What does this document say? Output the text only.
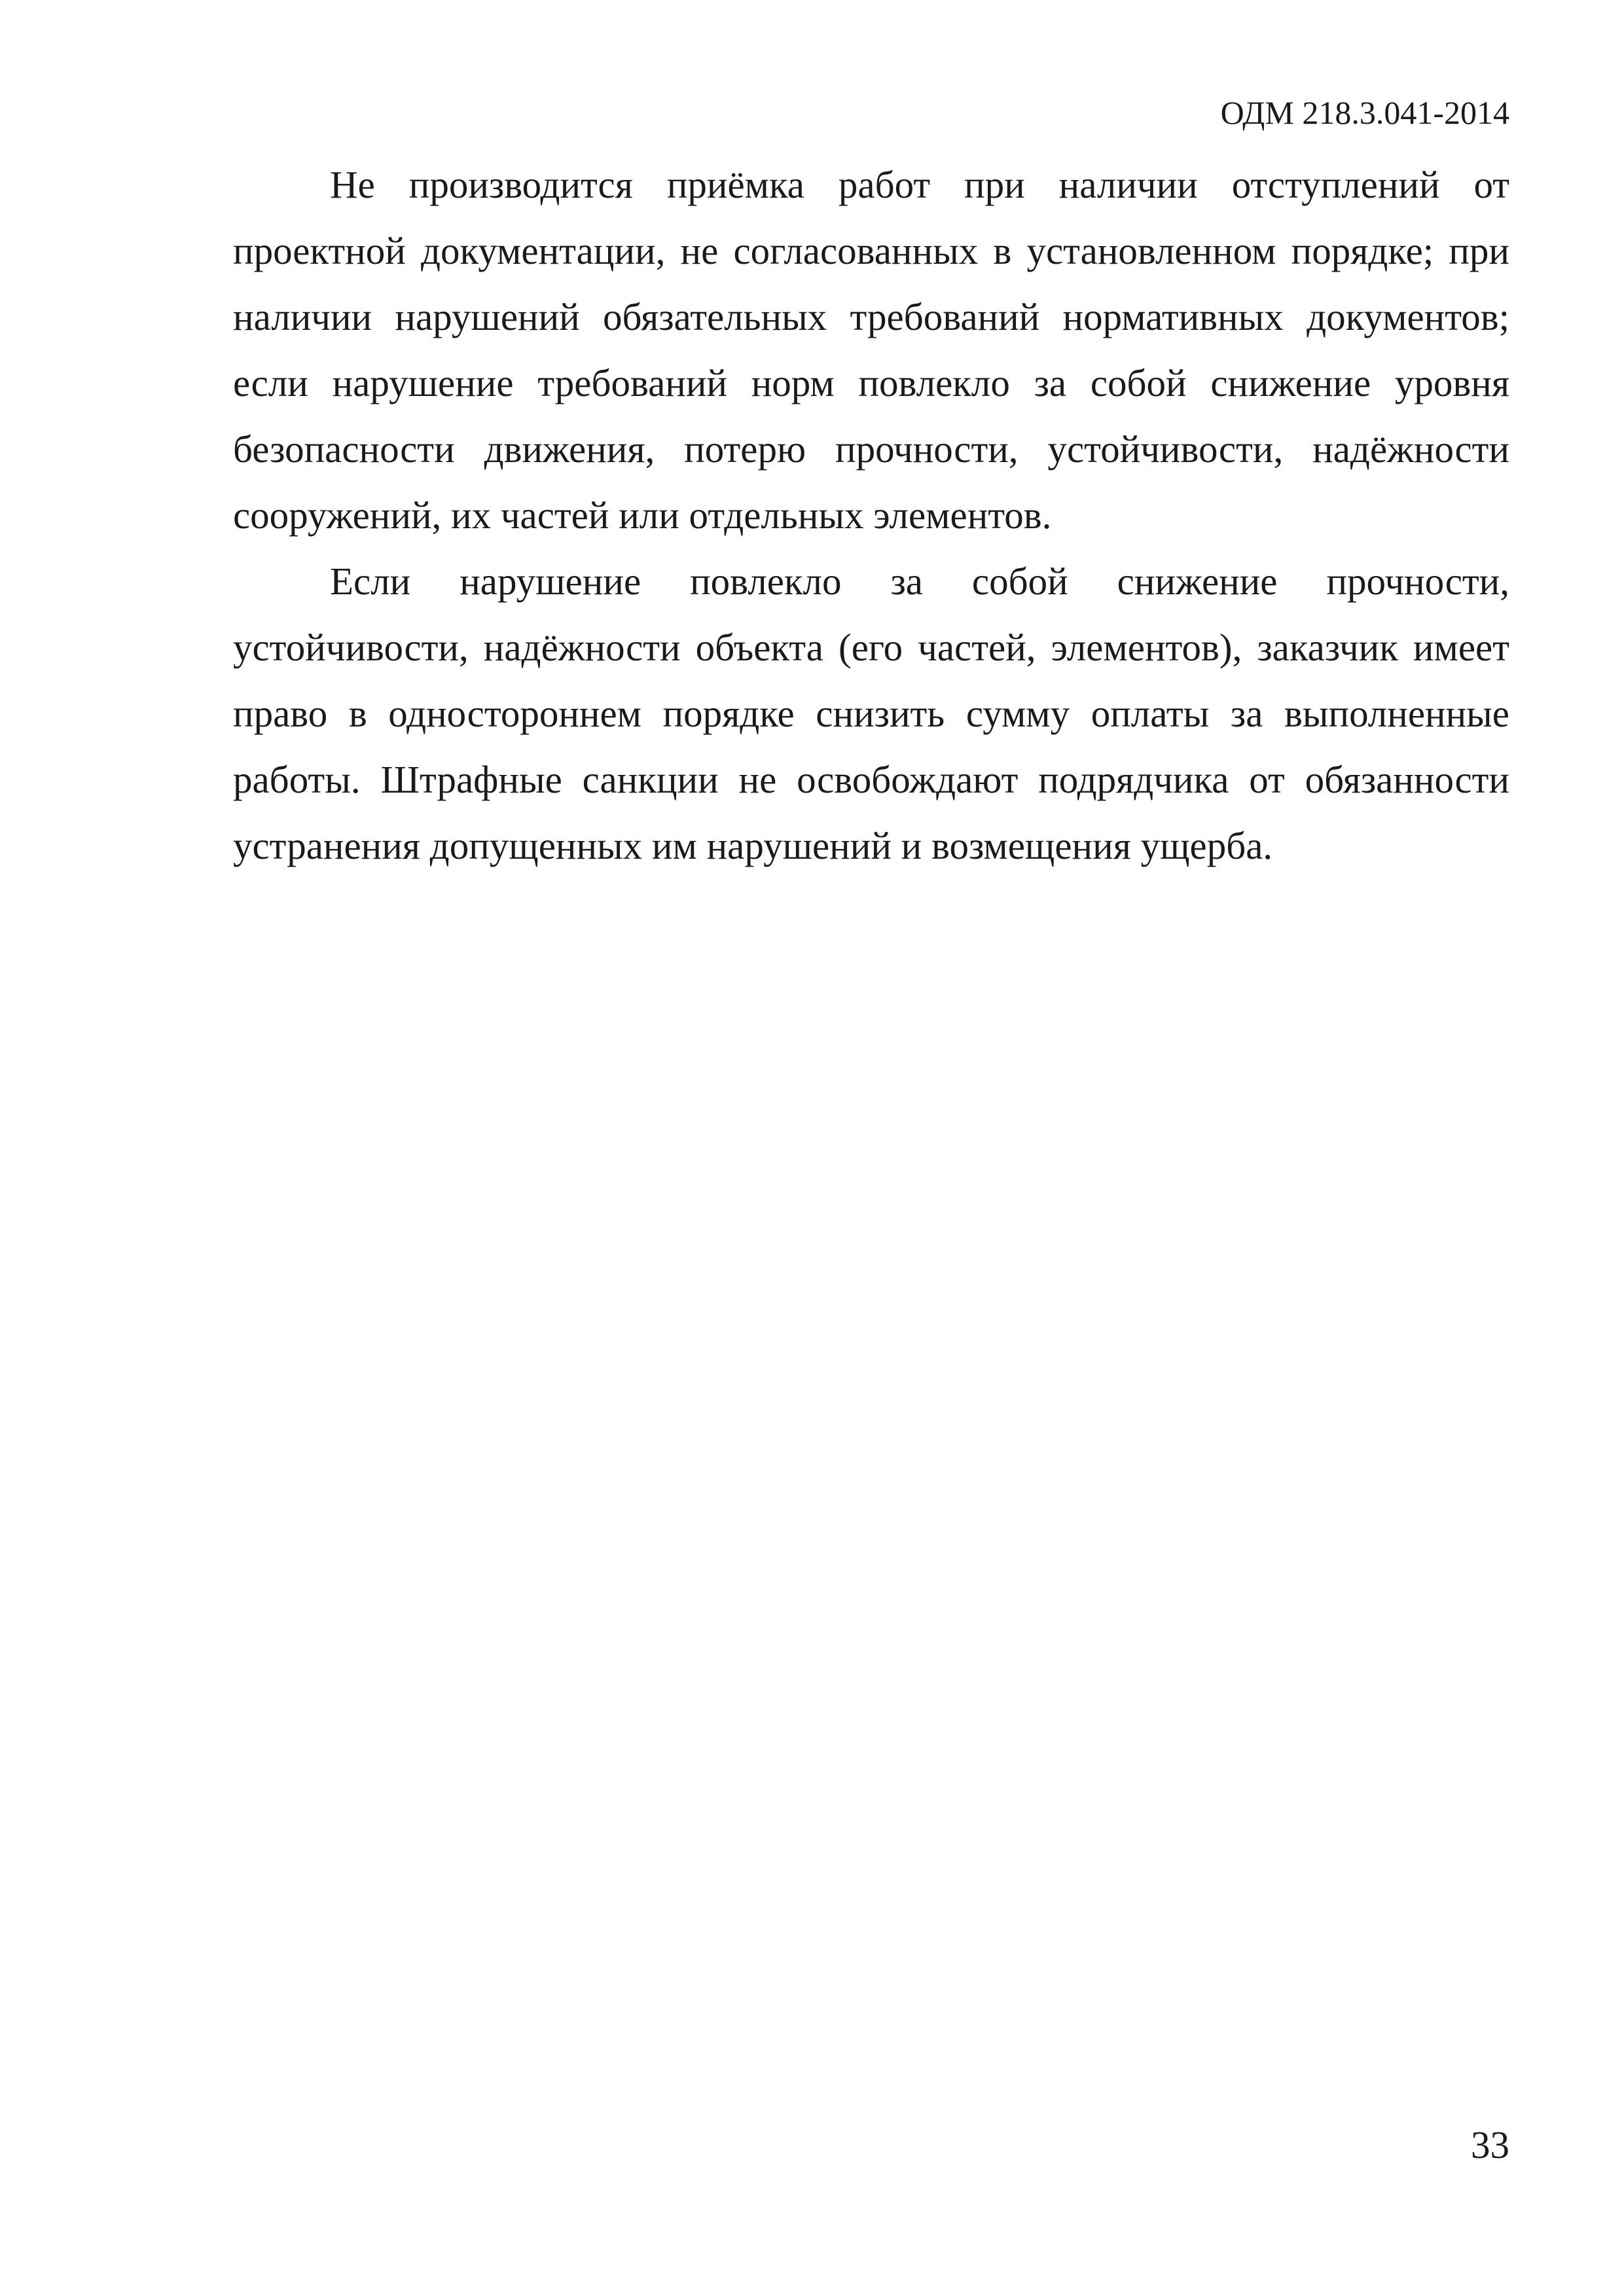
ОДМ 218.3.041-2014

Не производится приёмка работ при наличии отступлений от проектной документации, не согласованных в установленном порядке; при наличии нарушений обязательных требований нормативных документов; если нарушение требований норм повлекло за собой снижение уровня безопасности движения, потерю прочности, устойчивости, надёжности сооружений, их частей или отдельных элементов.

Если нарушение повлекло за собой снижение прочности, устойчивости, надёжности объекта (его частей, элементов), заказчик имеет право в одностороннем порядке снизить сумму оплаты за выполненные работы. Штрафные санкции не освобождают подрядчика от обязанности устранения допущенных им нарушений и возмещения ущерба.

33
